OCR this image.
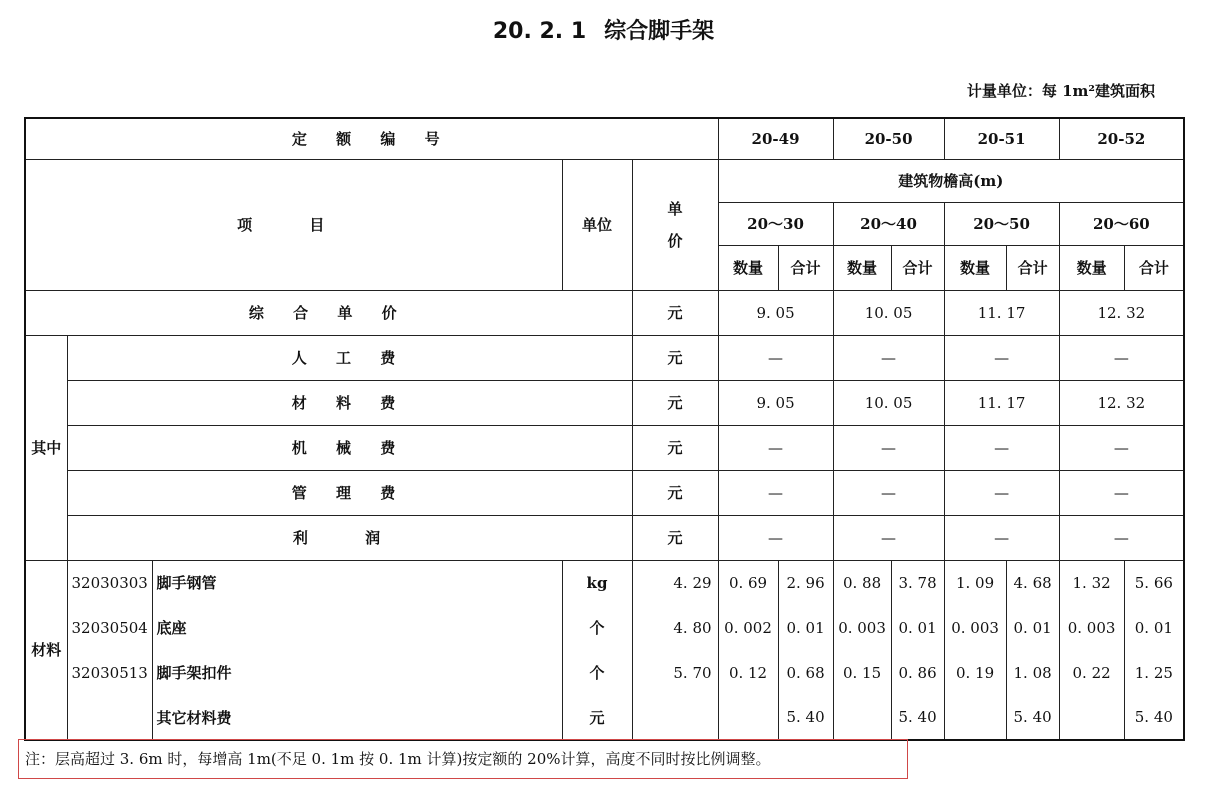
20. 2. 1 综合脚手架
计量单位：每 1m²建筑面积
定 额 编 号					20-49		20-50		20-51		20-52	
项 目			单位	单价	建筑物檐高(m)							
					20～30		20～40		20～50		20～60	
					数量	合计	数量	合计	数量	合计	数量	合计
综 合 单 价				元	9. 05		10. 05		11. 17		12. 32	
其中	人 工 费			元	—		—		—		—	
	材 料 费			元	9. 05		10. 05		11. 17		12. 32	
	机 械 费			元	—		—		—		—	
	管 理 费			元	—		—		—		—	
	利 润			元	—		—		—		—	
材料	32030303	脚手钢管	kg	4. 29	0. 69	2. 96	0. 88	3. 78	1. 09	4. 68	1. 32	5. 66
	32030504	底座	个	4. 80	0. 002	0. 01	0. 003	0. 01	0. 003	0. 01	0. 003	0. 01
	32030513	脚手架扣件	个	5. 70	0. 12	0. 68	0. 15	0. 86	0. 19	1. 08	0. 22	1. 25
		其它材料费	元			5. 40		5. 40		5. 40		5. 40
注：层高超过 3. 6m 时，每增高 1m(不足 0. 1m 按 0. 1m 计算)按定额的 20%计算，高度不同时按比例调整。
